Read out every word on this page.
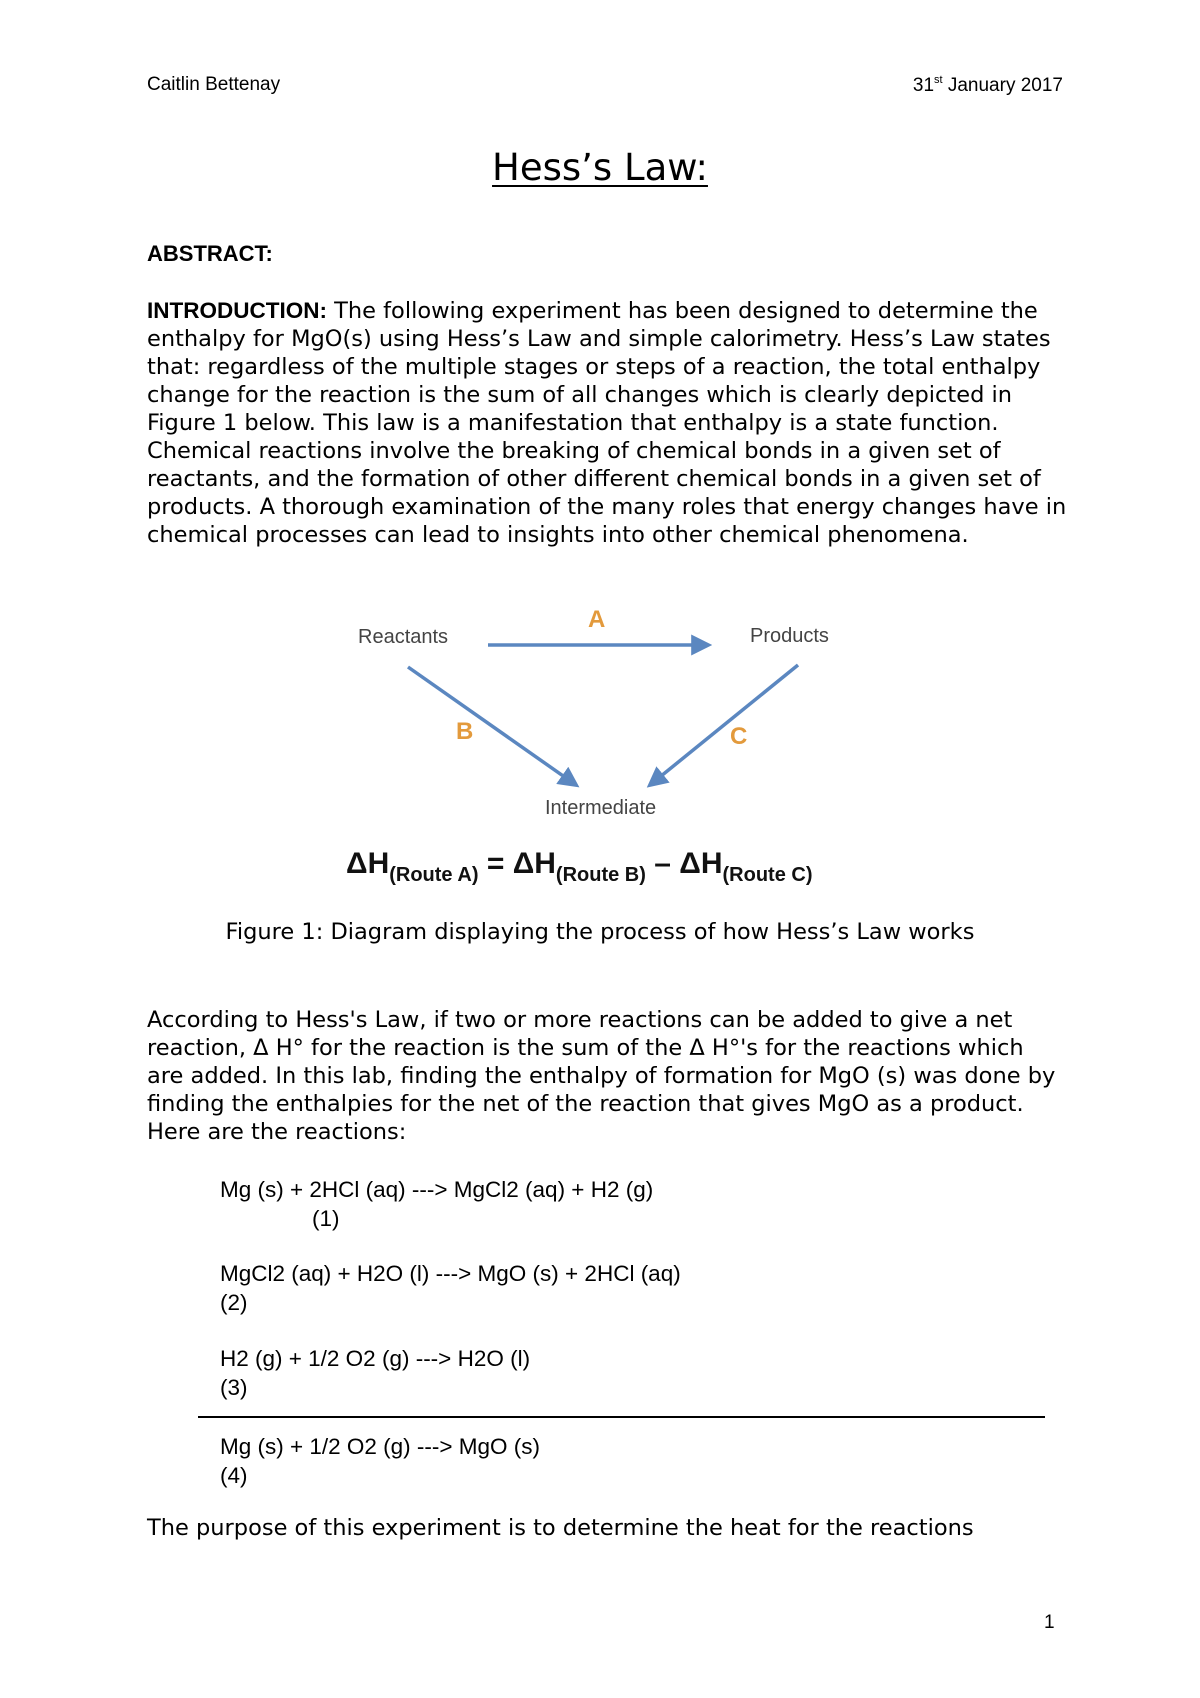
Caitlin Bettenay	31st January 2017
Hess’s Law:
ABSTRACT:

INTRODUCTION: The following experiment has been designed to determine the enthalpy for MgO(s) using Hess’s Law and simple calorimetry. Hess’s Law states that: regardless of the multiple stages or steps of a reaction, the total enthalpy change for the reaction is the sum of all changes which is clearly depicted in Figure 1 below. This law is a manifestation that enthalpy is a state function. Chemical reactions involve the breaking of chemical bonds in a given set of reactants, and the formation of other different chemical bonds in a given set of products. A thorough examination of the many roles that energy changes have in chemical processes can lead to insights into other chemical phenomena.

Reactants	Products
Intermediate
A
B	C
ΔH(Route A) = ΔH(Route B) – ΔH(Route C)
Figure 1: Diagram displaying the process of how Hess’s Law works

According to Hess's Law, if two or more reactions can be added to give a net reaction, Δ H° for the reaction is the sum of the Δ H°'s for the reactions which are added. In this lab, finding the enthalpy of formation for MgO (s) was done by finding the enthalpies for the net of the reaction that gives MgO as a product. Here are the reactions:

Mg (s) + 2HCl (aq) ---> MgCl2 (aq) + H2 (g)
(1)
MgCl2 (aq) + H2O (l) ---> MgO (s) + 2HCl (aq)
(2)
H2 (g) + 1/2 O2 (g) ---> H2O (l)
(3)
Mg (s) + 1/2 O2 (g) ---> MgO (s)
(4)

The purpose of this experiment is to determine the heat for the reactions

1
